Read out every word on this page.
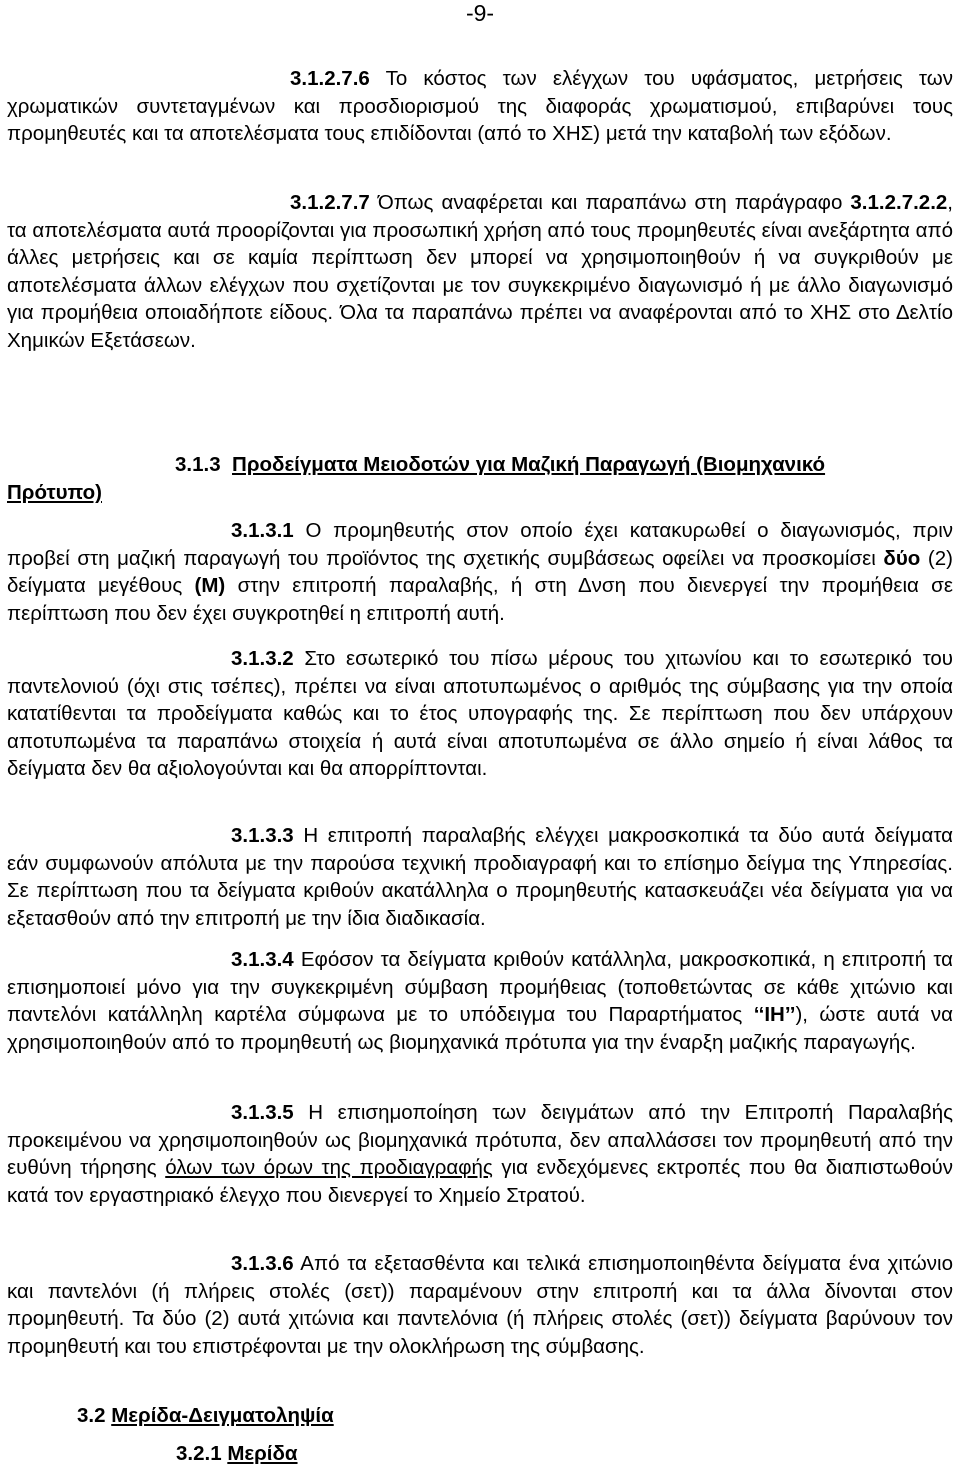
-9-
3.1.2.7.6 Το κόστος των ελέγχων του υφάσματος, μετρήσεις των χρωματικών συντεταγμένων και προσδιορισμού της διαφοράς χρωματισμού, επιβαρύνει τους προμηθευτές και τα αποτελέσματα τους επιδίδονται (από το ΧΗΣ) μετά την καταβολή των εξόδων.
3.1.2.7.7 Όπως αναφέρεται και παραπάνω στη παράγραφο 3.1.2.7.2.2, τα αποτελέσματα αυτά προορίζονται για προσωπική χρήση από τους προμηθευτές είναι ανεξάρτητα από άλλες μετρήσεις και σε καμία περίπτωση δεν μπορεί να χρησιμοποιηθούν ή να συγκριθούν με αποτελέσματα άλλων ελέγχων που σχετίζονται με τον συγκεκριμένο διαγωνισμό ή με άλλο διαγωνισμό για προμήθεια οποιαδήποτε είδους. Όλα τα παραπάνω πρέπει να αναφέρονται από το ΧΗΣ στο Δελτίο Χημικών Εξετάσεων.
3.1.3 Προδείγματα Μειοδοτών για Μαζική Παραγωγή (Βιομηχανικό
Πρότυπο)
3.1.3.1 Ο προμηθευτής στον οποίο έχει κατακυρωθεί ο διαγωνισμός, πριν προβεί στη μαζική παραγωγή του προϊόντος της σχετικής συμβάσεως οφείλει να προσκομίσει δύο (2) δείγματα μεγέθους (Μ) στην επιτροπή παραλαβής, ή στη Δνση που διενεργεί την προμήθεια σε περίπτωση που δεν έχει συγκροτηθεί η επιτροπή αυτή.
3.1.3.2 Στο εσωτερικό του πίσω μέρους του χιτωνίου και το εσωτερικό του παντελονιού (όχι στις τσέπες), πρέπει να είναι αποτυπωμένος ο αριθμός της σύμβασης για την οποία κατατίθενται τα προδείγματα καθώς και το έτος υπογραφής της. Σε περίπτωση που δεν υπάρχουν αποτυπωμένα τα παραπάνω στοιχεία ή αυτά είναι αποτυπωμένα σε άλλο σημείο ή είναι λάθος τα δείγματα δεν θα αξιολογούνται και θα απορρίπτονται.
3.1.3.3 Η επιτροπή παραλαβής ελέγχει μακροσκοπικά τα δύο αυτά δείγματα εάν συμφωνούν απόλυτα με την παρούσα τεχνική προδιαγραφή και το επίσημο δείγμα της Υπηρεσίας. Σε περίπτωση που τα δείγματα κριθούν ακατάλληλα ο προμηθευτής κατασκευάζει νέα δείγματα για να εξετασθούν από την επιτροπή με την ίδια διαδικασία.
3.1.3.4 Εφόσον τα δείγματα κριθούν κατάλληλα, μακροσκοπικά, η επιτροπή τα επισημοποιεί μόνο για την συγκεκριμένη σύμβαση προμήθειας (τοποθετώντας σε κάθε χιτώνιο και παντελόνι κατάλληλη καρτέλα σύμφωνα με το υπόδειγμα του Παραρτήματος ‘‘ΙΗ’’), ώστε αυτά να χρησιμοποιηθούν από το προμηθευτή ως βιομηχανικά πρότυπα για την έναρξη μαζικής παραγωγής.
3.1.3.5 Η επισημοποίηση των δειγμάτων από την Επιτροπή Παραλαβής προκειμένου να χρησιμοποιηθούν ως βιομηχανικά πρότυπα, δεν απαλλάσσει τον προμηθευτή από την ευθύνη τήρησης όλων των όρων της προδιαγραφής για ενδεχόμενες εκτροπές που θα διαπιστωθούν κατά τον εργαστηριακό έλεγχο που διενεργεί το Χημείο Στρατού.
3.1.3.6 Από τα εξετασθέντα και τελικά επισημοποιηθέντα δείγματα ένα χιτώνιο και παντελόνι (ή πλήρεις στολές (σετ)) παραμένουν στην επιτροπή και τα άλλα δίνονται στον προμηθευτή. Τα δύο (2) αυτά χιτώνια και παντελόνια (ή πλήρεις στολές (σετ)) δείγματα βαρύνουν τον προμηθευτή και του επιστρέφονται με την ολοκλήρωση της σύμβασης.
3.2 Μερίδα-Δειγματοληψία
3.2.1 Μερίδα
